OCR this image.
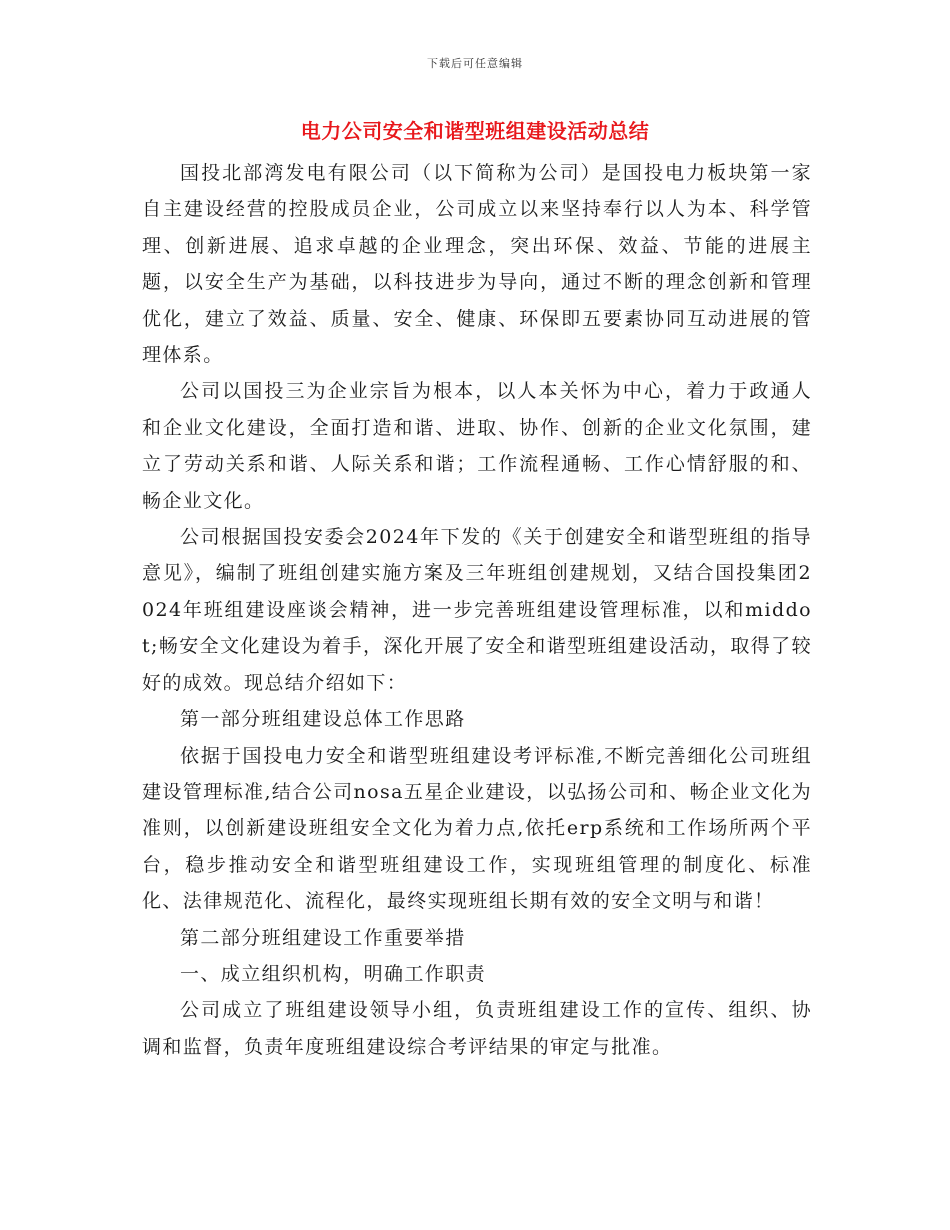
下载后可任意编辑
电力公司安全和谐型班组建设活动总结

国投北部湾发电有限公司（以下简称为公司）是国投电力板块第一家自主建设经营的控股成员企业，公司成立以来坚持奉行以人为本、科学管理、创新进展、追求卓越的企业理念，突出环保、效益、节能的进展主题，以安全生产为基础，以科技进步为导向，通过不断的理念创新和管理优化，建立了效益、质量、安全、健康、环保即五要素协同互动进展的管理体系。

公司以国投三为企业宗旨为根本，以人本关怀为中心，着力于政通人和企业文化建设，全面打造和谐、进取、协作、创新的企业文化氛围，建立了劳动关系和谐、人际关系和谐；工作流程通畅、工作心情舒服的和、畅企业文化。

公司根据国投安委会2024年下发的《关于创建安全和谐型班组的指导意见》，编制了班组创建实施方案及三年班组创建规划，又结合国投集团2024年班组建设座谈会精神，进一步完善班组建设管理标准，以和middot;畅安全文化建设为着手，深化开展了安全和谐型班组建设活动，取得了较好的成效。现总结介绍如下：

第一部分班组建设总体工作思路

依据于国投电力安全和谐型班组建设考评标准,不断完善细化公司班组建设管理标准,结合公司nosa五星企业建设，以弘扬公司和、畅企业文化为准则，以创新建设班组安全文化为着力点,依托erp系统和工作场所两个平台，稳步推动安全和谐型班组建设工作，实现班组管理的制度化、标准化、法律规范化、流程化，最终实现班组长期有效的安全文明与和谐！

第二部分班组建设工作重要举措

一、成立组织机构，明确工作职责

公司成立了班组建设领导小组，负责班组建设工作的宣传、组织、协调和监督，负责年度班组建设综合考评结果的审定与批准。
